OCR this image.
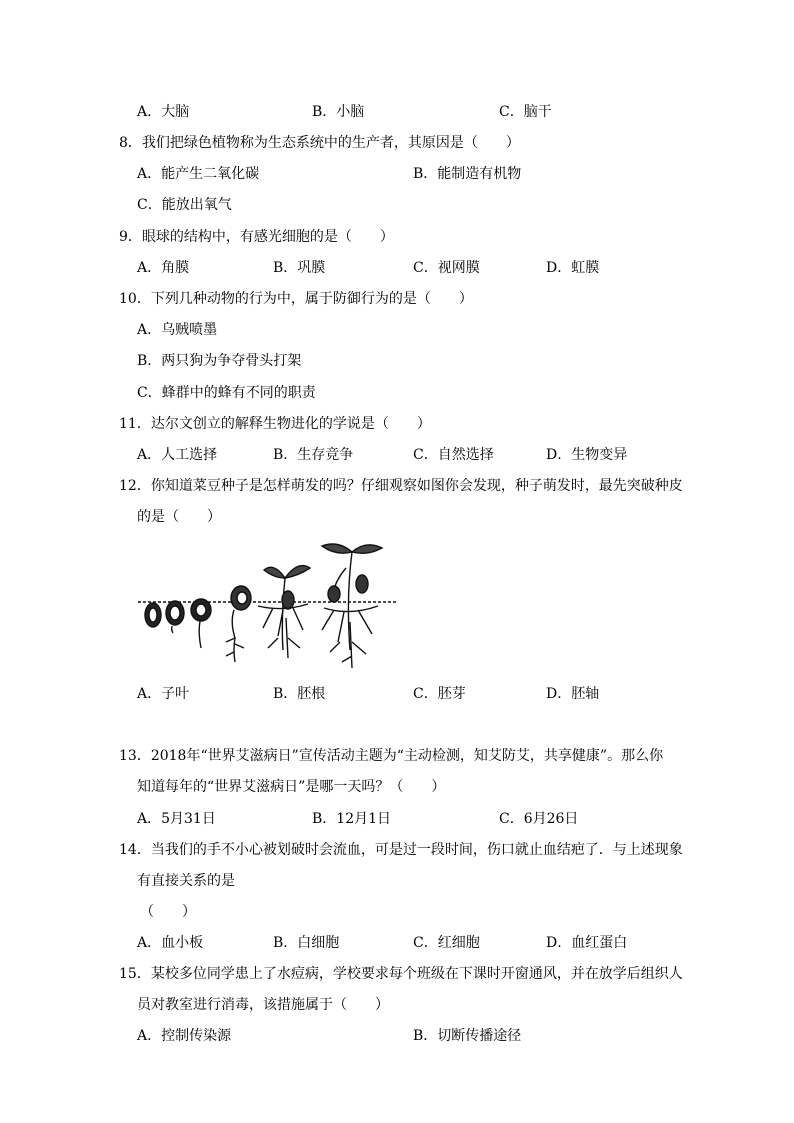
A．大脑	B．小脑	C．脑干
8．我们把绿色植物称为生态系统中的生产者，其原因是（　　）
A．能产生二氧化碳	B．能制造有机物
C．能放出氧气
9．眼球的结构中，有感光细胞的是（　　）
A．角膜	B．巩膜	C．视网膜	D．虹膜
10．下列几种动物的行为中，属于防御行为的是（　　）
A．乌贼喷墨
B．两只狗为争夺骨头打架
C．蜂群中的蜂有不同的职责
11．达尔文创立的解释生物进化的学说是（　　）
A．人工选择	B．生存竞争	C．自然选择	D．生物变异
12．你知道菜豆种子是怎样萌发的吗？仔细观察如图你会发现，种子萌发时，最先突破种皮
的是（　　）
A．子叶	B．胚根	C．胚芽	D．胚轴
13．2018年“世界艾滋病日”宣传活动主题为“主动检测，知艾防艾，共享健康”。那么你
知道每年的“世界艾滋病日”是哪一天吗？（　　）
A．5月31日	B．12月1日	C．6月26日
14．当我们的手不小心被划破时会流血，可是过一段时间，伤口就止血结疤了．与上述现象
有直接关系的是
（　　）
A．血小板	B．白细胞	C．红细胞	D．血红蛋白
15．某校多位同学患上了水痘病，学校要求每个班级在下课时开窗通风，并在放学后组织人
员对教室进行消毒，该措施属于（　　）
A．控制传染源	B．切断传播途径
